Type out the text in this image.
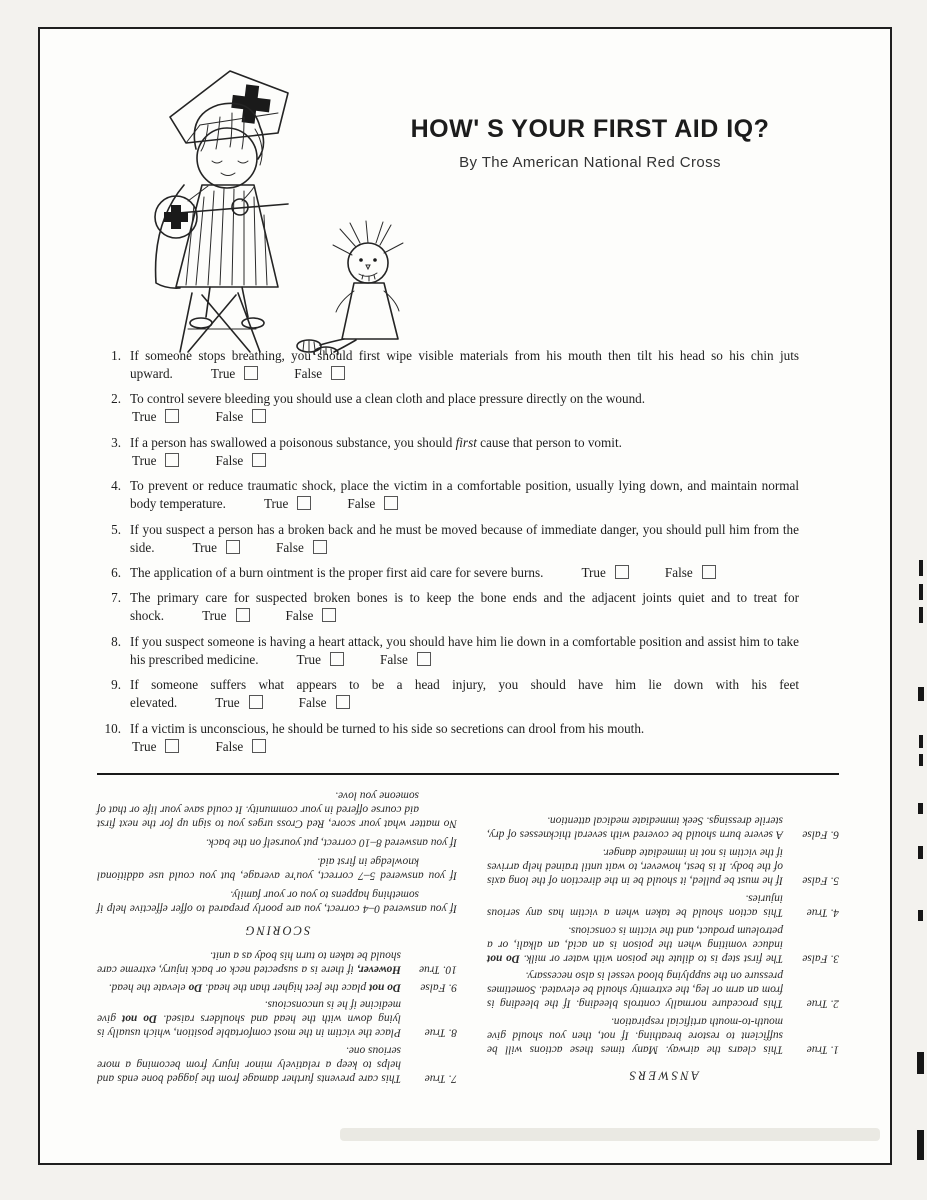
HOW' S YOUR FIRST AID IQ?
By The American National Red Cross
1. If someone stops breathing, you should first wipe visible materials from his mouth then tilt his head so his chin juts upward.	True	False
2. To control severe bleeding you should use a clean cloth and place pressure directly on the wound.
True	False
3. If a person has swallowed a poisonous substance, you should first cause that person to vomit.
True	False
4. To prevent or reduce traumatic shock, place the victim in a comfortable position, usually lying down, and maintain normal body temperature.	True	False
5. If you suspect a person has a broken back and he must be moved because of immediate danger, you should pull him from the side.	True	False
6. The application of a burn ointment is the proper first aid care for severe burns.	True	False
7. The primary care for suspected broken bones is to keep the bone ends and the adjacent joints quiet and to treat for shock.	True	False
8. If you suspect someone is having a heart attack, you should have him lie down in a comfortable position and assist him to take his prescribed medicine.	True	False
9. If someone suffers what appears to be a head injury, you should have him lie down with his feet elevated.	True	False
10. If a victim is unconscious, he should be turned to his side so secretions can drool from his mouth.
True	False
ANSWERS
1. True
This clears the airway. Many times these actions will be sufficient to restore breathing. If not, then you should give mouth-to-mouth artificial respiration.
2. True
This procedure normally controls bleeding. If the bleeding is from an arm or leg, the extremity should be elevated. Sometimes pressure on the supplying blood vessel is also necessary.
3. False
The first step is to dilute the poison with water or milk. Do not induce vomiting when the poison is an acid, an alkali, or a petroleum product, and the victim is conscious.
4. True
This action should be taken when a victim has any serious injuries.
5. False
If he must be pulled, it should be in the direction of the long axis of the body. It is best, however, to wait until trained help arrives if the victim is not in immediate danger.
6. False
A severe burn should be covered with several thicknesses of dry, sterile dressings. Seek immediate medical attention.
7. True
This care prevents further damage from the jagged bone ends and helps to keep a relatively minor injury from becoming a more serious one.
8. True
Place the victim in the most comfortable position, which usually is lying down with the head and shoulders raised. Do not give medicine if he is unconscious.
9. False
Do not place the feet higher than the head. Do elevate the head.
10. True
However, if there is a suspected neck or back injury, extreme care should be taken to turn his body as a unit.
SCORING
If you answered 0–4 correct, you are poorly prepared to offer effective help if something happens to you or your family.
If you answered 5–7 correct, you're average, but you could use additional knowledge in first aid.
If you answered 8–10 correct, put yourself on the back.
No matter what your score, Red Cross urges you to sign up for the next first aid course offered in your community. It could save your life or that of someone you love.
